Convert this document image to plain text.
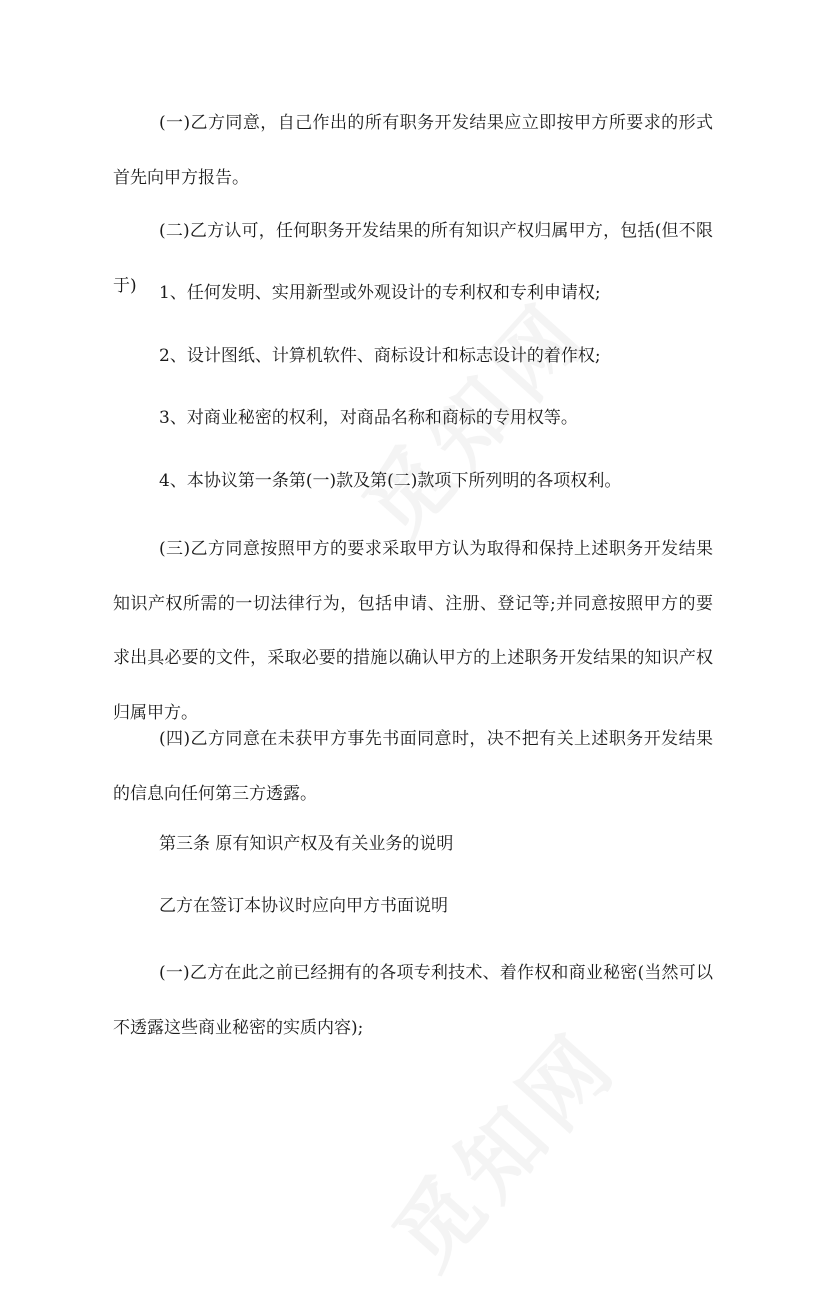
(一)乙方同意，自己作出的所有职务开发结果应立即按甲方所要求的形式首先向甲方报告。

(二)乙方认可，任何职务开发结果的所有知识产权归属甲方，包括(但不限于)	1、任何发明、实用新型或外观设计的专利权和专利申请权;

2、设计图纸、计算机软件、商标设计和标志设计的着作权;

3、对商业秘密的权利，对商品名称和商标的专用权等。

4、本协议第一条第(一)款及第(二)款项下所列明的各项权利。

(三)乙方同意按照甲方的要求采取甲方认为取得和保持上述职务开发结果知识产权所需的一切法律行为，包括申请、注册、登记等;并同意按照甲方的要求出具必要的文件，采取必要的措施以确认甲方的上述职务开发结果的知识产权归属甲方。

(四)乙方同意在未获甲方事先书面同意时，决不把有关上述职务开发结果的信息向任何第三方透露。

第三条 原有知识产权及有关业务的说明

乙方在签订本协议时应向甲方书面说明

(一)乙方在此之前已经拥有的各项专利技术、着作权和商业秘密(当然可以不透露这些商业秘密的实质内容);
